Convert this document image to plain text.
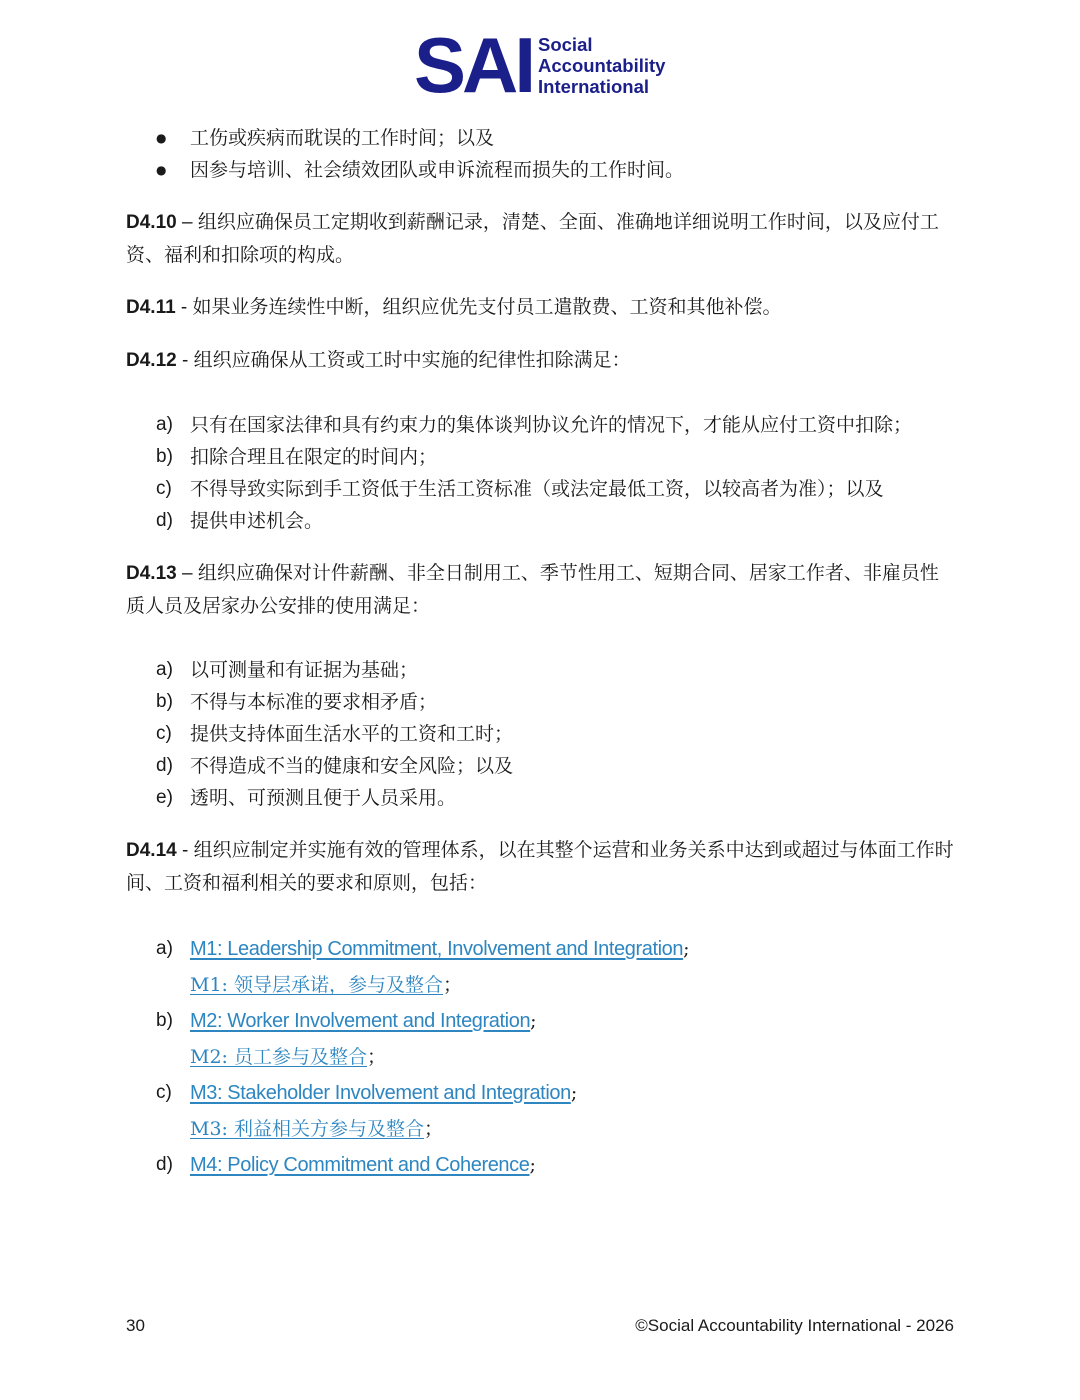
SAI Social
Accountability
International
● 工伤或疾病而耽误的工作时间；以及
● 因参与培训、社会绩效团队或申诉流程而损失的工作时间。

D4.10 – 组织应确保员工定期收到薪酬记录，清楚、全面、准确地详细说明工作时间，以及应付工资、福利和扣除项的构成。

D4.11 - 如果业务连续性中断，组织应优先支付员工遣散费、工资和其他补偿。

D4.12 - 组织应确保从工资或工时中实施的纪律性扣除满足：

a) 只有在国家法律和具有约束力的集体谈判协议允许的情况下，才能从应付工资中扣除；
b) 扣除合理且在限定的时间内；
c) 不得导致实际到手工资低于生活工资标准（或法定最低工资，以较高者为准）；以及
d) 提供申述机会。

D4.13 – 组织应确保对计件薪酬、非全日制用工、季节性用工、短期合同、居家工作者、非雇员性质人员及居家办公安排的使用满足：

a) 以可测量和有证据为基础；
b) 不得与本标准的要求相矛盾；
c) 提供支持体面生活水平的工资和工时；
d) 不得造成不当的健康和安全风险；以及
e) 透明、可预测且便于人员采用。

D4.14 - 组织应制定并实施有效的管理体系，以在其整个运营和业务关系中达到或超过与体面工作时间、工资和福利相关的要求和原则，包括：

a) M1: Leadership Commitment, Involvement and Integration;
M1: 领导层承诺，参与及整合；
b) M2: Worker Involvement and Integration;
M2: 员工参与及整合；
c) M3: Stakeholder Involvement and Integration;
M3: 利益相关方参与及整合；
d) M4: Policy Commitment and Coherence;
30	©Social Accountability International - 2026
